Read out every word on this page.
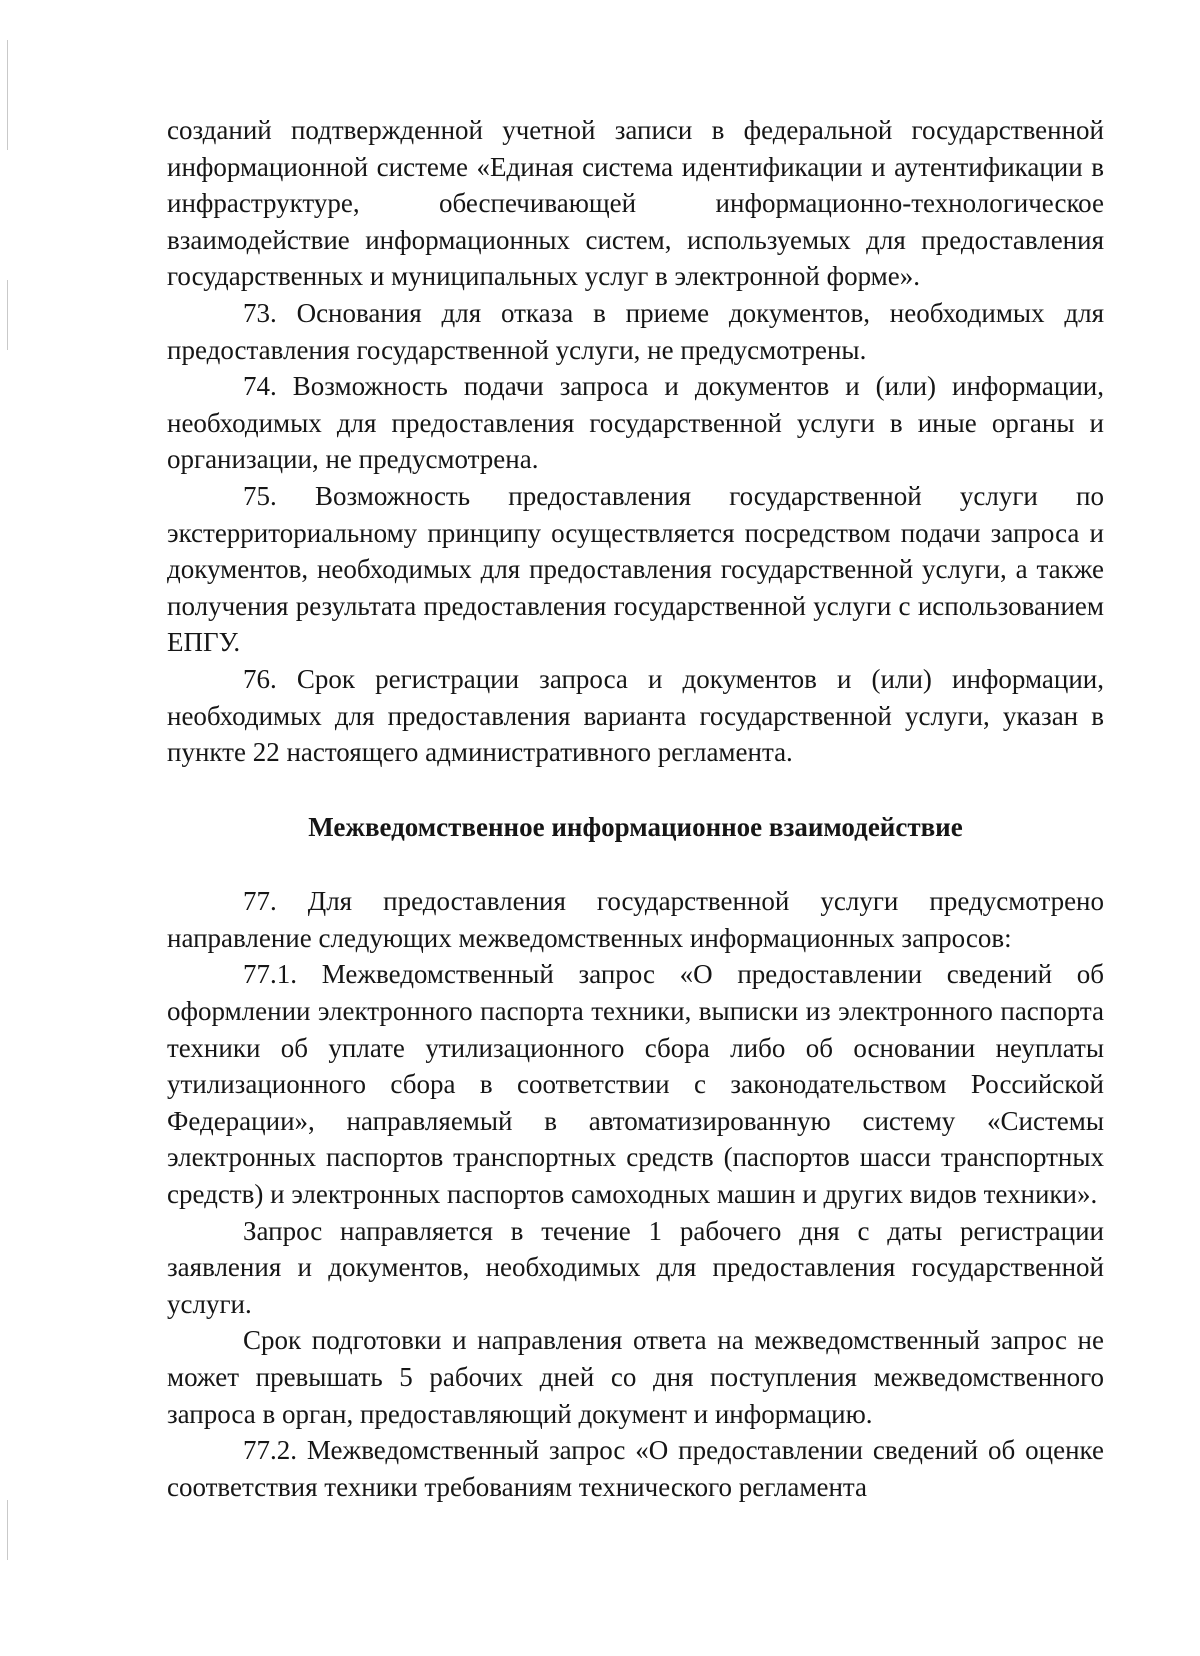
созданий подтвержденной учетной записи в федеральной государственной информационной системе «Единая система идентификации и аутентификации в инфраструктуре, обеспечивающей информационно-технологическое взаимодействие информационных систем, используемых для предоставления государственных и муниципальных услуг в электронной форме».

73. Основания для отказа в приеме документов, необходимых для предоставления государственной услуги, не предусмотрены.

74. Возможность подачи запроса и документов и (или) информации, необходимых для предоставления государственной услуги в иные органы и организации, не предусмотрена.

75. Возможность предоставления государственной услуги по экстерриториальному принципу осуществляется посредством подачи запроса и документов, необходимых для предоставления государственной услуги, а также получения результата предоставления государственной услуги с использованием ЕПГУ.

76. Срок регистрации запроса и документов и (или) информации, необходимых для предоставления варианта государственной услуги, указан в пункте 22 настоящего административного регламента.

Межведомственное информационное взаимодействие

77. Для предоставления государственной услуги предусмотрено направление следующих межведомственных информационных запросов:

77.1. Межведомственный запрос «О предоставлении сведений об оформлении электронного паспорта техники, выписки из электронного паспорта техники об уплате утилизационного сбора либо об основании неуплаты утилизационного сбора в соответствии с законодательством Российской Федерации», направляемый в автоматизированную систему «Системы электронных паспортов транспортных средств (паспортов шасси транспортных средств) и электронных паспортов самоходных машин и других видов техники».

Запрос направляется в течение 1 рабочего дня с даты регистрации заявления и документов, необходимых для предоставления государственной услуги.

Срок подготовки и направления ответа на межведомственный запрос не может превышать 5 рабочих дней со дня поступления межведомственного запроса в орган, предоставляющий документ и информацию.

77.2. Межведомственный запрос «О предоставлении сведений об оценке соответствия техники требованиям технического регламента
